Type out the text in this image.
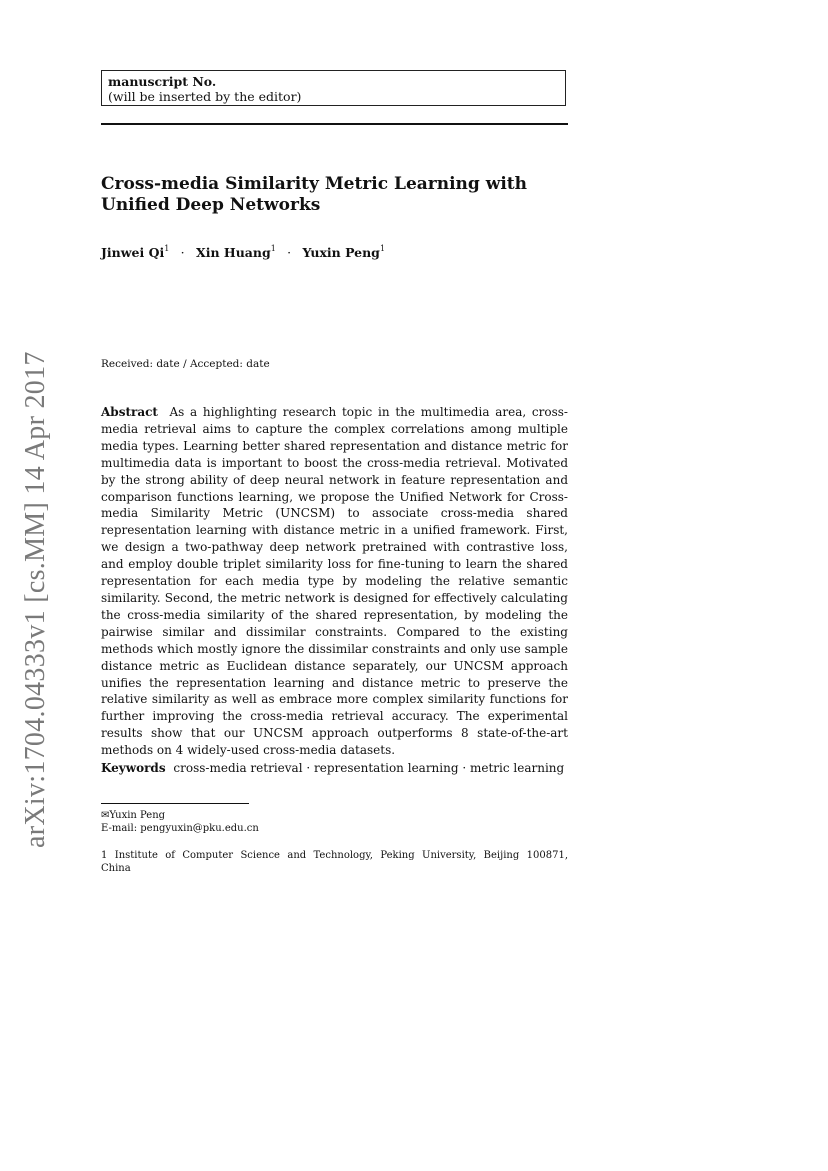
manuscript No.
(will be inserted by the editor)
Cross-media Similarity Metric Learning with Unified Deep Networks
Jinwei $Qi^1$ · Xin Huang$^1$ · Yuxin Peng$^1$
Received: date / Accepted: date

Abstract As a highlighting research topic in the multimedia area, cross-media retrieval aims to capture the complex correlations among multiple media types. Learning better shared representation and distance metric for multimedia data is important to boost the cross-media retrieval. Motivated by the strong ability of deep neural network in feature representation and comparison functions learning, we propose the Unified Network for Cross-media Similarity Metric (UNCSM) to associate cross-media shared representation learning with distance metric in a unified framework. First, we design a two-pathway deep network pretrained with contrastive loss, and employ double triplet similarity loss for fine-tuning to learn the shared representation for each media type by modeling the relative semantic similarity. Second, the metric network is designed for effectively calculating the cross-media similarity of the shared representation, by modeling the pairwise similar and dissimilar constraints. Compared to the existing methods which mostly ignore the dissimilar constraints and only use sample distance metric as Euclidean distance separately, our UNCSM approach unifies the representation learning and distance metric to preserve the relative similarity as well as embrace more complex similarity functions for further improving the cross-media retrieval accuracy. The experimental results show that our UNCSM approach outperforms 8 state-of-the-art methods on 4 widely-used cross-media datasets.

Keywords cross-media retrieval · representation learning · metric learning
✉Yuxin Peng
E-mail: pengyuxin@pku.edu.cn
1 Institute of Computer Science and Technology, Peking University, Beijing 100871,
China
arXiv:1704.04333v1 [cs.MM] 14 Apr 2017
